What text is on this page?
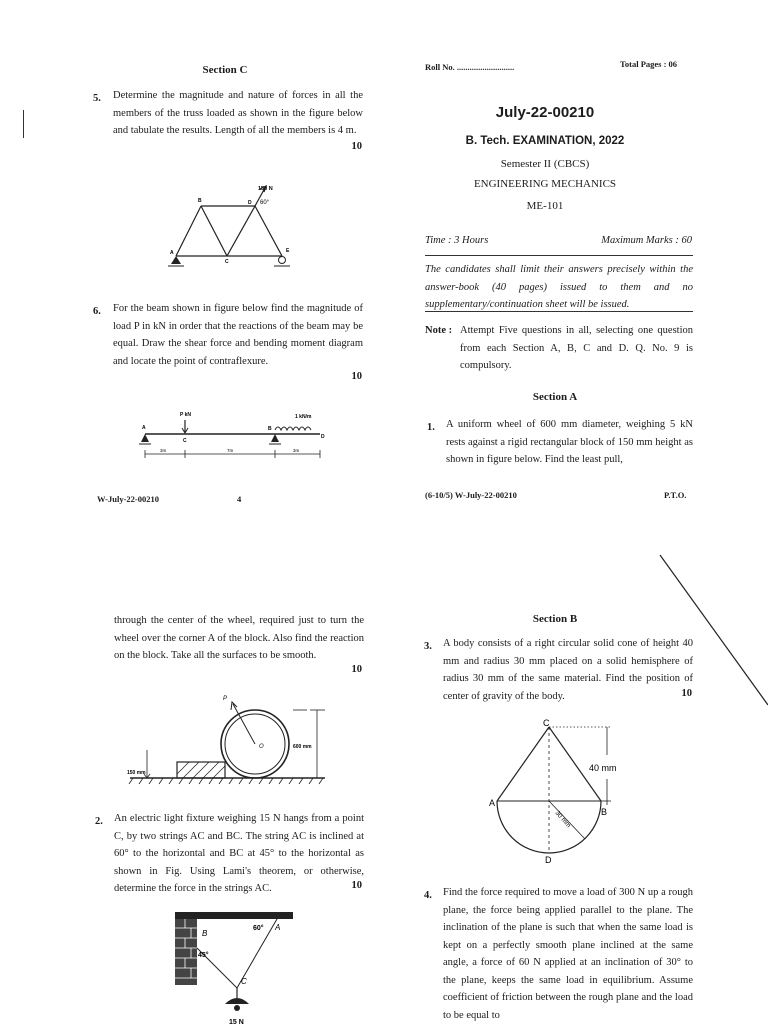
Section C
5. Determine the magnitude and nature of forces in all the members of the truss loaded as shown in the figure below and tabulate the results. Length of all the members is 4 m.
10
150 N
60°
B	D
A
C
E
6. For the beam shown in figure below find the magnitude of load P in kN in order that the reactions of the beam may be equal. Draw the shear force and bending moment diagram and locate the point of contraflexure.
10
P kN	1 kN/m
A
C
B
D
3m	7m	3m
W-July-22-00210	4
Roll No. ...........................	Total Pages : 06
July-22-00210
B. Tech. EXAMINATION, 2022
Semester II (CBCS)
ENGINEERING MECHANICS
ME-101
Time : 3 Hours	Maximum Marks : 60
The candidates shall limit their answers precisely within the answer-book (40 pages) issued to them and no supplementary/continuation sheet will be issued.
Note : Attempt Five questions in all, selecting one question from each Section A, B, C and D. Q. No. 9 is compulsory.
Section A
1. A uniform wheel of 600 mm diameter, weighing 5 kN rests against a rigid rectangular block of 150 mm height as shown in figure below. Find the least pull,
(6-10/5) W-July-22-00210	P.T.O.
through the center of the wheel, required just to turn the wheel over the corner A of the block. Also find the reaction on the block. Take all the surfaces to be smooth.
10
P
O	600 mm
150 mm
2. An electric light fixture weighing 15 N hangs from a point C, by two strings AC and BC. The string AC is inclined at 60° to the horizontal and BC at 45° to the horizontal as shown in Fig. Using Lami's theorem, or otherwise, determine the force in the strings AC.	10
B
A
C
60°
45°
15 N
Section B
3. A body consists of a right circular solid cone of height 40 mm and radius 30 mm placed on a solid hemisphere of radius 30 mm of the same material. Find the position of center of gravity of the body.	10
C
A
B
D
40 mm
30 mm
4. Find the force required to move a load of 300 N up a rough plane, the force being applied parallel to the plane. The inclination of the plane is such that when the same load is kept on a perfectly smooth plane inclined at the same angle, a force of 60 N applied at an inclination of 30° to the plane, keeps the same load in equilibrium. Assume coefficient of friction between the rough plane and the load to be equal to
